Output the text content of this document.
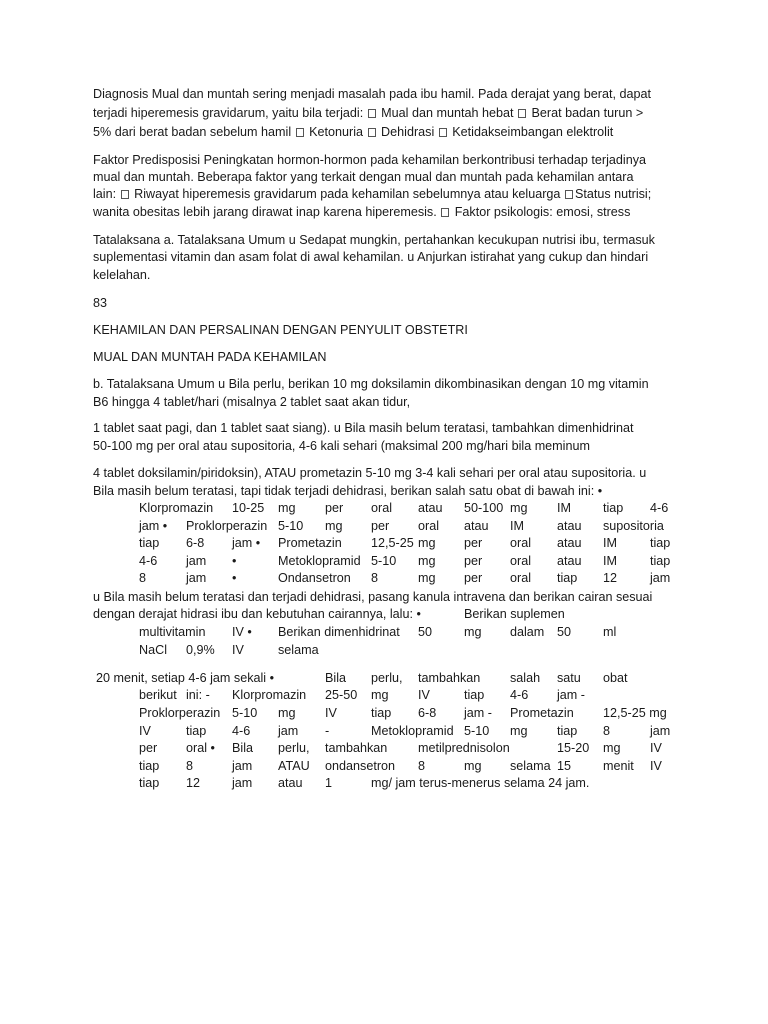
Diagnosis Mual dan muntah sering menjadi masalah pada ibu hamil. Pada derajat yang berat, dapat
terjadi hiperemesis gravidarum, yaitu bila terjadi:  Mual dan muntah hebat  Berat badan turun >
5% dari berat badan sebelum hamil  Ketonuria  Dehidrasi  Ketidakseimbangan elektrolit
Faktor Predisposisi Peningkatan hormon-hormon pada kehamilan berkontribusi terhadap terjadinya
mual dan muntah. Beberapa faktor yang terkait dengan mual dan muntah pada kehamilan antara
lain:  Riwayat hiperemesis gravidarum pada kehamilan sebelumnya atau keluarga Status nutrisi;
wanita obesitas lebih jarang dirawat inap karena hiperemesis.  Faktor psikologis: emosi, stress
Tatalaksana a. Tatalaksana Umum u Sedapat mungkin, pertahankan kecukupan nutrisi ibu, termasuk
suplementasi vitamin dan asam folat di awal kehamilan. u Anjurkan istirahat yang cukup dan hindari
kelelahan.
83
KEHAMILAN DAN PERSALINAN DENGAN PENYULIT OBSTETRI
MUAL DAN MUNTAH PADA KEHAMILAN
b. Tatalaksana Umum u Bila perlu, berikan 10 mg doksilamin dikombinasikan dengan 10 mg vitamin
B6 hingga 4 tablet/hari (misalnya 2 tablet saat akan tidur,
1 tablet saat pagi, dan 1 tablet saat siang). u Bila masih belum teratasi, tambahkan dimenhidrinat
50-100 mg per oral atau supositoria, 4-6 kali sehari (maksimal 200 mg/hari bila meminum
4 tablet doksilamin/piridoksin), ATAU prometazin 5-10 mg 3-4 kali sehari per oral atau supositoria. u
Bila masih belum teratasi, tapi tidak terjadi dehidrasi, berikan salah satu obat di bawah ini: •
Klorpromazin 10-25 mg per oral atau 50-100 mg IM	tiap 4-6
jam • Proklorperazin 5-10 mg per oral atau IM	atau supositoria
tiap 6-8 jam • Prometazin 12,5-25 mg per oral atau IM	tiap
4-6 jam •	Metoklopramid 5-10 mg per oral atau IM	tiap
8	jam •	Ondansetron 8	mg per oral tiap 12	jam
u Bila masih belum teratasi dan terjadi dehidrasi, pasang kanula intravena dan berikan cairan sesuai
dengan derajat hidrasi ibu dan kebutuhan cairannya, lalu: •	Berikan suplemen
multivitamin IV • Berikan dimenhidrinat 50	mg dalam 50	ml
NaCl 0,9% IV	selama
20 menit, setiap 4-6 jam sekali •	Bila perlu, tambahkan salah satu obat
berikut ini: - Klorpromazin 25-50 mg IV	tiap 4-6 jam -
Proklorperazin 5-10 mg IV	tiap 6-8 jam - Prometazin 12,5-25 mg
IV	tiap 4-6 jam -	Metoklopramid 5-10 mg tiap 8	jam
per oral • Bila perlu, tambahkan metilprednisolon	15-20 mg IV
tiap 8	jam ATAU ondansetron 8	mg selama 15	menit IV
tiap 12	jam atau 1	mg/ jam terus-menerus selama 24 jam.
